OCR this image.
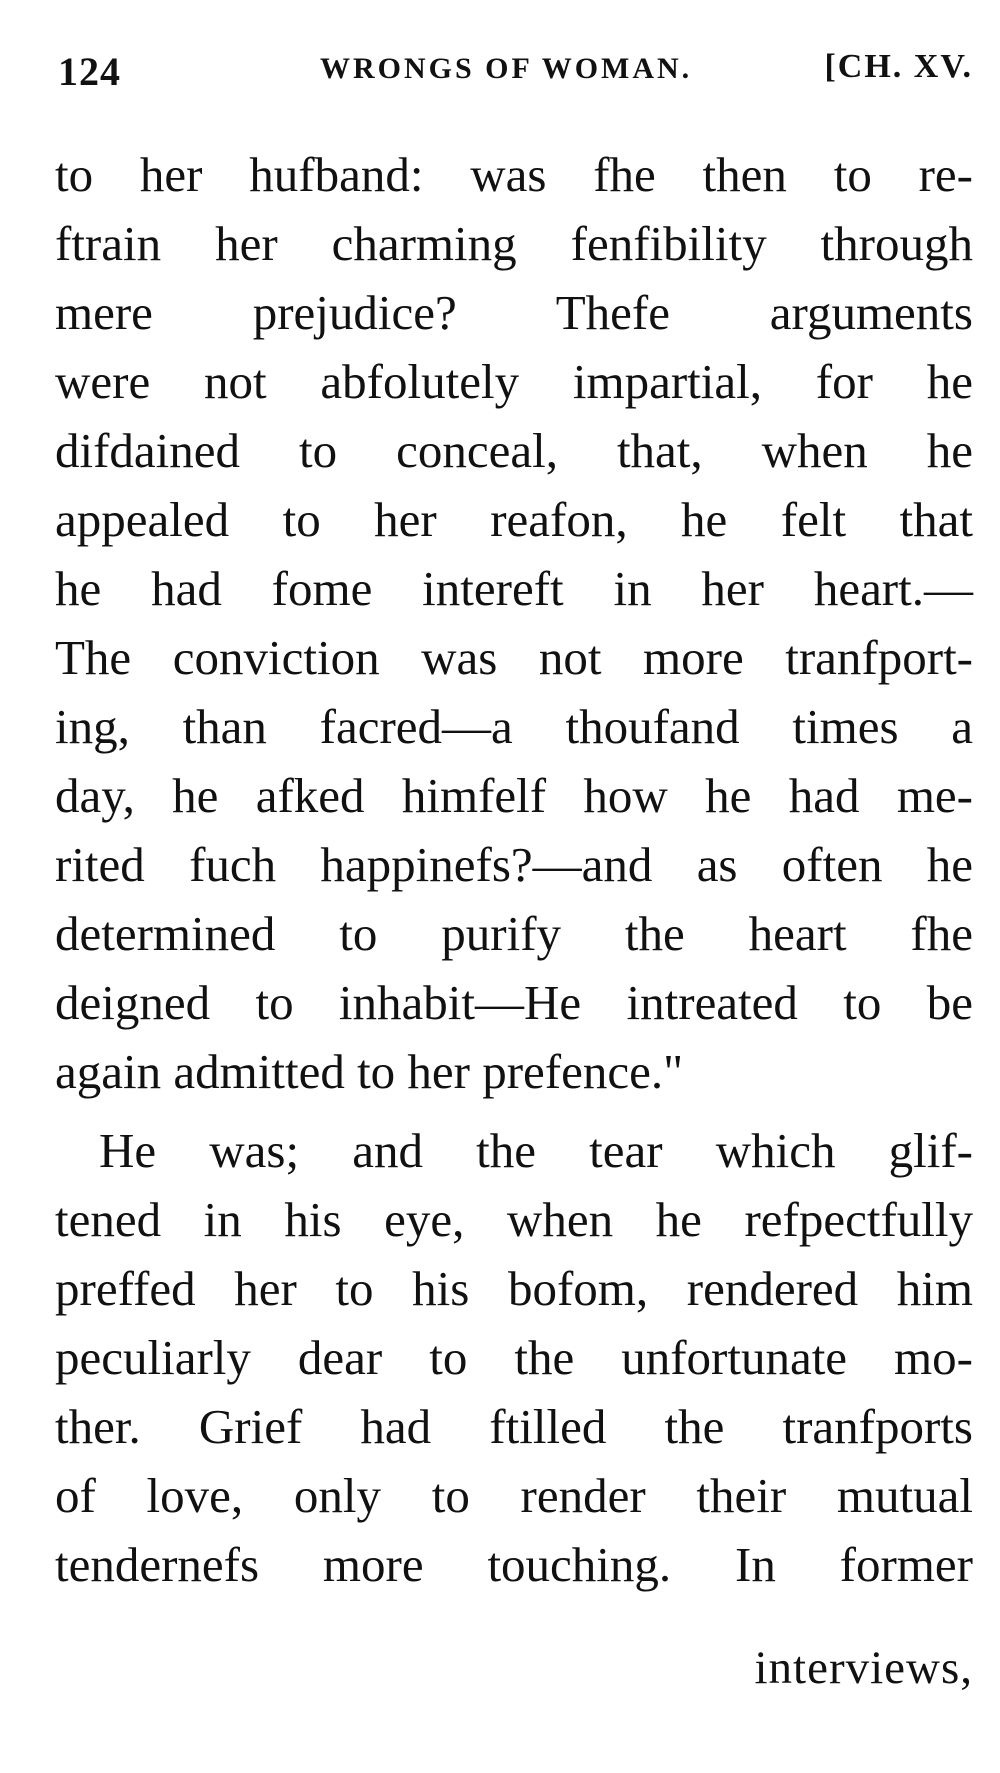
124	WRONGS OF WOMAN.	[CH. XV.
to her hufband: was fhe then to re-
ftrain her charming fenfibility through
mere prejudice? Thefe arguments
were not abfolutely impartial, for he
difdained to conceal, that, when he
appealed to her reafon, he felt that
he had fome intereft in her heart.—
The conviction was not more tranfport-
ing, than facred—a thoufand times a
day, he afked himfelf how he had me-
rited fuch happinefs?—and as often he
determined to purify the heart fhe
deigned to inhabit—He intreated to be
again admitted to her prefence."
He was; and the tear which glif-
tened in his eye, when he refpectfully
preffed her to his bofom, rendered him
peculiarly dear to the unfortunate mo-
ther. Grief had ftilled the tranfports
of love, only to render their mutual
tendernefs more touching. In former
interviews,
